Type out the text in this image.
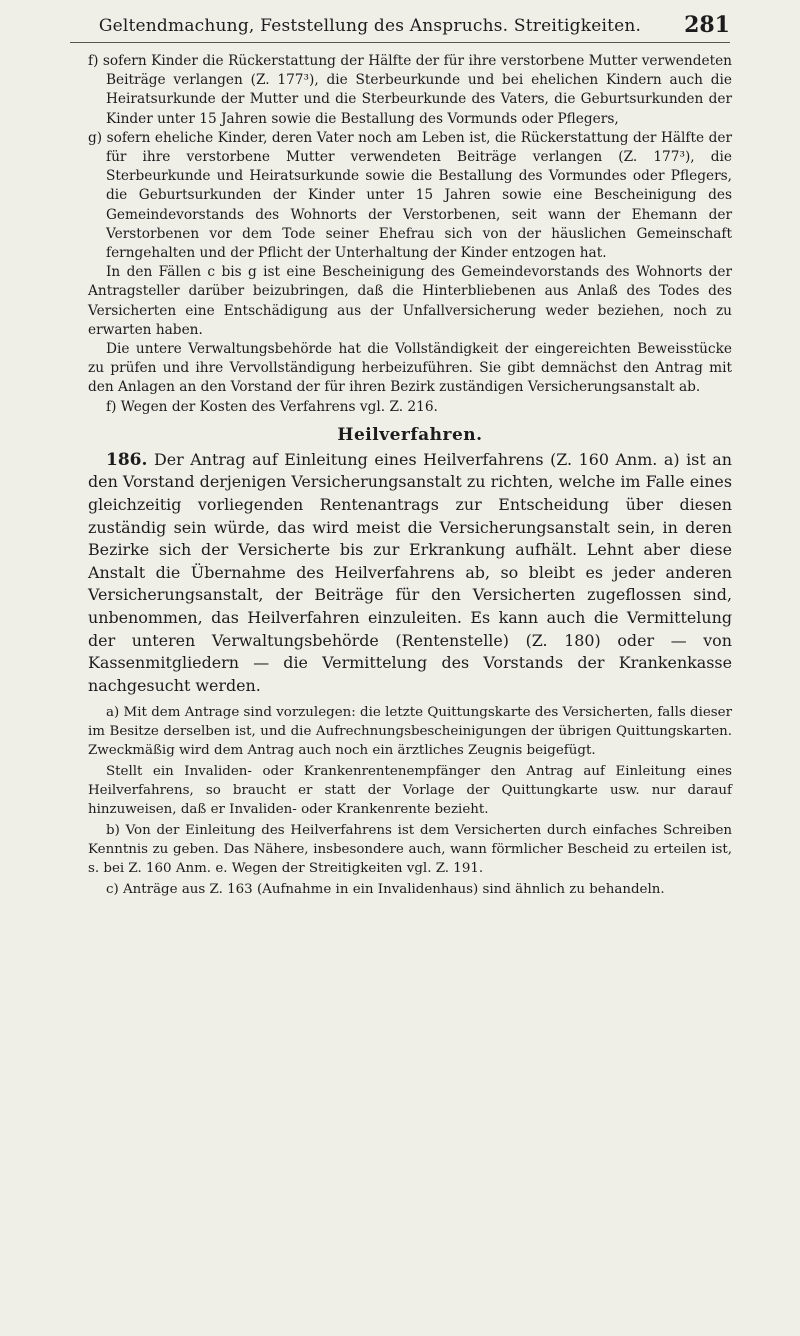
Geltendmachung, Feststellung des Anspruchs. Streitigkeiten.	281

f) sofern Kinder die Rückerstattung der Hälfte der für ihre verstorbene Mutter verwendeten Beiträge verlangen (Z. 177³), die Sterbeurkunde und bei ehelichen Kindern auch die Heiratsurkunde der Mutter und die Sterbeurkunde des Vaters, die Geburtsurkunden der Kinder unter 15 Jahren sowie die Bestallung des Vormunds oder Pflegers,

g) sofern eheliche Kinder, deren Vater noch am Leben ist, die Rückerstattung der Hälfte der für ihre verstorbene Mutter verwendeten Beiträge verlangen (Z. 177³), die Sterbeurkunde und Heiratsurkunde sowie die Bestallung des Vormundes oder Pflegers, die Geburtsurkunden der Kinder unter 15 Jahren sowie eine Bescheinigung des Gemeindevorstands des Wohnorts der Verstorbenen, seit wann der Ehemann der Verstorbenen vor dem Tode seiner Ehefrau sich von der häuslichen Gemeinschaft ferngehalten und der Pflicht der Unterhaltung der Kinder entzogen hat.

In den Fällen c bis g ist eine Bescheinigung des Gemeindevorstands des Wohnorts der Antragsteller darüber beizubringen, daß die Hinterbliebenen aus Anlaß des Todes des Versicherten eine Entschädigung aus der Unfallversicherung weder beziehen, noch zu erwarten haben.

Die untere Verwaltungsbehörde hat die Vollständigkeit der eingereichten Beweisstücke zu prüfen und ihre Vervollständigung herbeizuführen. Sie gibt demnächst den Antrag mit den Anlagen an den Vorstand der für ihren Bezirk zuständigen Versicherungsanstalt ab.

f) Wegen der Kosten des Verfahrens vgl. Z. 216.

Heilverfahren.

186. Der Antrag auf Einleitung eines Heilverfahrens (Z. 160 Anm. a) ist an den Vorstand derjenigen Versicherungsanstalt zu richten, welche im Falle eines gleichzeitig vorliegenden Rentenantrags zur Entscheidung über diesen zuständig sein würde, das wird meist die Versicherungsanstalt sein, in deren Bezirke sich der Versicherte bis zur Erkrankung aufhält. Lehnt aber diese Anstalt die Übernahme des Heilverfahrens ab, so bleibt es jeder anderen Versicherungsanstalt, der Beiträge für den Versicherten zugeflossen sind, unbenommen, das Heilverfahren einzuleiten. Es kann auch die Vermittelung der unteren Verwaltungsbehörde (Rentenstelle) (Z. 180) oder — von Kassenmitgliedern — die Vermittelung des Vorstands der Krankenkasse nachgesucht werden.

a) Mit dem Antrage sind vorzulegen: die letzte Quittungskarte des Versicherten, falls dieser im Besitze derselben ist, und die Aufrechnungsbescheinigungen der übrigen Quittungskarten. Zweckmäßig wird dem Antrag auch noch ein ärztliches Zeugnis beigefügt.

Stellt ein Invaliden- oder Krankenrentenempfänger den Antrag auf Einleitung eines Heilverfahrens, so braucht er statt der Vorlage der Quittungkarte usw. nur darauf hinzuweisen, daß er Invaliden- oder Krankenrente bezieht.

b) Von der Einleitung des Heilverfahrens ist dem Versicherten durch einfaches Schreiben Kenntnis zu geben. Das Nähere, insbesondere auch, wann förmlicher Bescheid zu erteilen ist, s. bei Z. 160 Anm. e. Wegen der Streitigkeiten vgl. Z. 191.

c) Anträge aus Z. 163 (Aufnahme in ein Invalidenhaus) sind ähnlich zu behandeln.
